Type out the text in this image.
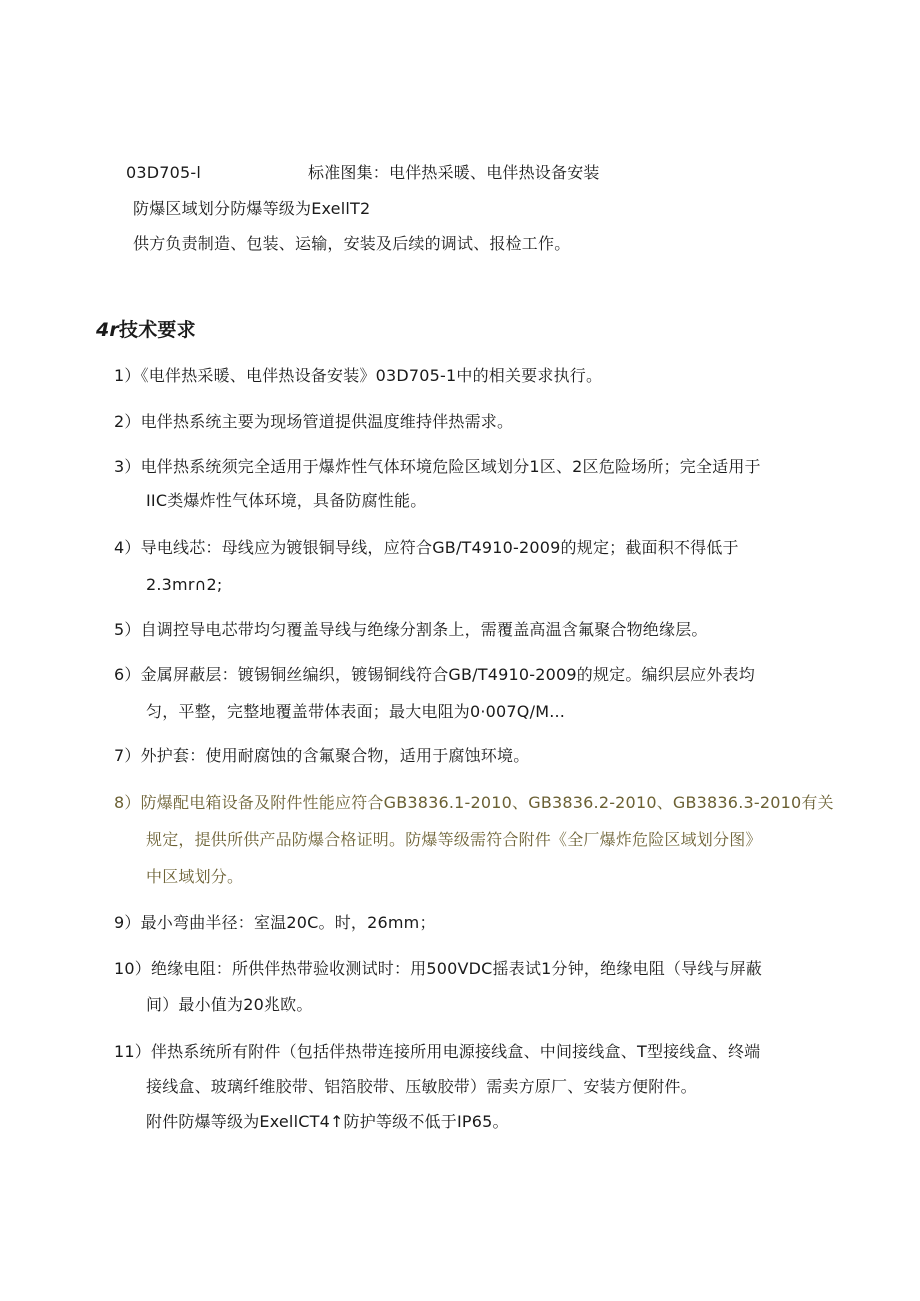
03D705-l	标准图集：电伴热采暖、电伴热设备安装
防爆区域划分防爆等级为ExellT2
供方负责制造、包装、运输，安装及后续的调试、报检工作。
4r技术要求
1）《电伴热采暖、电伴热设备安装》03D705-1中的相关要求执行。
2）电伴热系统主要为现场管道提供温度维持伴热需求。
3）电伴热系统须完全适用于爆炸性气体环境危险区域划分1区、2区危险场所；完全适用于
IIC类爆炸性气体环境，具备防腐性能。
4）导电线芯：母线应为镀银铜导线，应符合GB/T4910-2009的规定；截面积不得低于
2.3mr∩2;
5）自调控导电芯带均匀覆盖导线与绝缘分割条上，需覆盖高温含氟聚合物绝缘层。
6）金属屏蔽层：镀锡铜丝编织，镀锡铜线符合GB/T4910-2009的规定。编织层应外表均
匀，平整，完整地覆盖带体表面；最大电阻为0·007Q/M...
7）外护套：使用耐腐蚀的含氟聚合物，适用于腐蚀环境。
8）防爆配电箱设备及附件性能应符合GB3836.1-2010、GB3836.2-2010、GB3836.3-2010有关
规定，提供所供产品防爆合格证明。防爆等级需符合附件《全厂爆炸危险区域划分图》
中区域划分。
9）最小弯曲半径：室温20C。时，26mm；
10）绝缘电阻：所供伴热带验收测试时：用500VDC摇表试1分钟，绝缘电阻（导线与屏蔽
间）最小值为20兆欧。
11）伴热系统所有附件（包括伴热带连接所用电源接线盒、中间接线盒、T型接线盒、终端
接线盒、玻璃纤维胶带、铝箔胶带、压敏胶带）需卖方原厂、安装方便附件。
附件防爆等级为ExellCT4↑防护等级不低于IP65。
